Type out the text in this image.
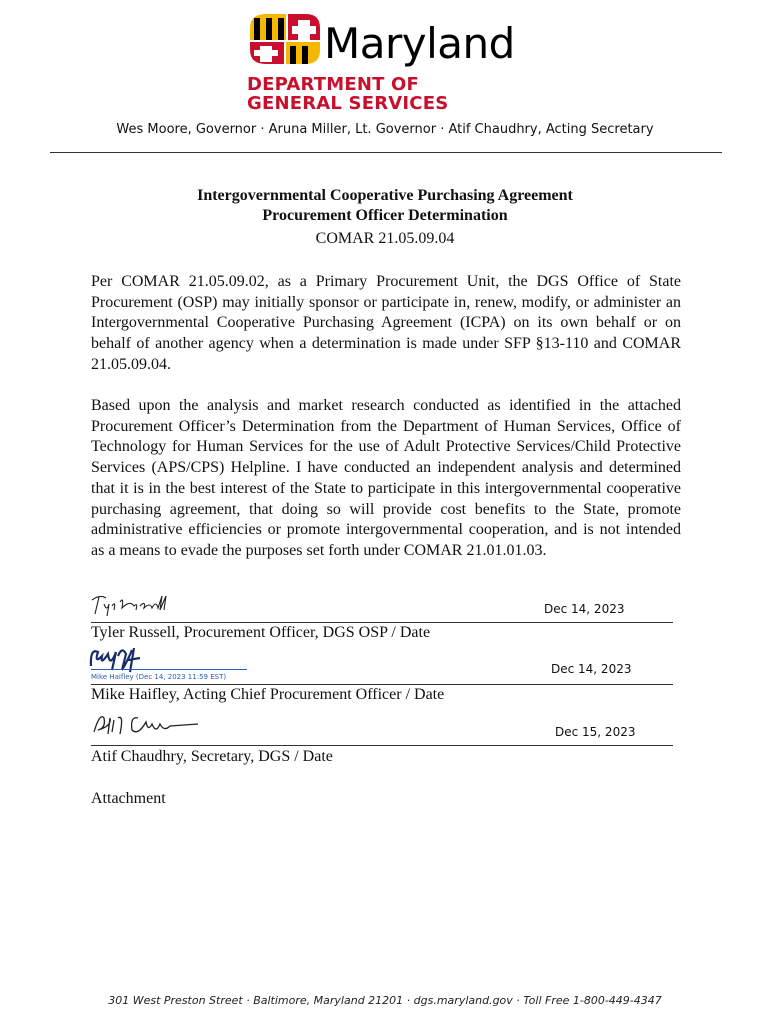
Maryland
DEPARTMENT OF
GENERAL SERVICES
Wes Moore, Governor · Aruna Miller, Lt. Governor · Atif Chaudhry, Acting Secretary
Intergovernmental Cooperative Purchasing Agreement
Procurement Officer Determination
COMAR 21.05.09.04
Per COMAR 21.05.09.02, as a Primary Procurement Unit, the DGS Office of State Procurement (OSP) may initially sponsor or participate in, renew, modify, or administer an Intergovernmental Cooperative Purchasing Agreement (ICPA) on its own behalf or on behalf of another agency when a determination is made under SFP §13-110 and COMAR 21.05.09.04.
Based upon the analysis and market research conducted as identified in the attached Procurement Officer’s Determination from the Department of Human Services, Office of Technology for Human Services for the use of Adult Protective Services/Child Protective Services (APS/CPS) Helpline. I have conducted an independent analysis and determined that it is in the best interest of the State to participate in this intergovernmental cooperative purchasing agreement, that doing so will provide cost benefits to the State, promote administrative efficiencies or promote intergovernmental cooperation, and is not intended as a means to evade the purposes set forth under COMAR 21.01.01.03.
Dec 14, 2023
Tyler Russell, Procurement Officer, DGS OSP / Date
Mike Haifley (Dec 14, 2023 11:59 EST)
Dec 14, 2023
Mike Haifley, Acting Chief Procurement Officer / Date
Dec 15, 2023
Atif Chaudhry, Secretary, DGS / Date
Attachment
301 West Preston Street · Baltimore, Maryland 21201 · dgs.maryland.gov · Toll Free 1-800-449-4347
